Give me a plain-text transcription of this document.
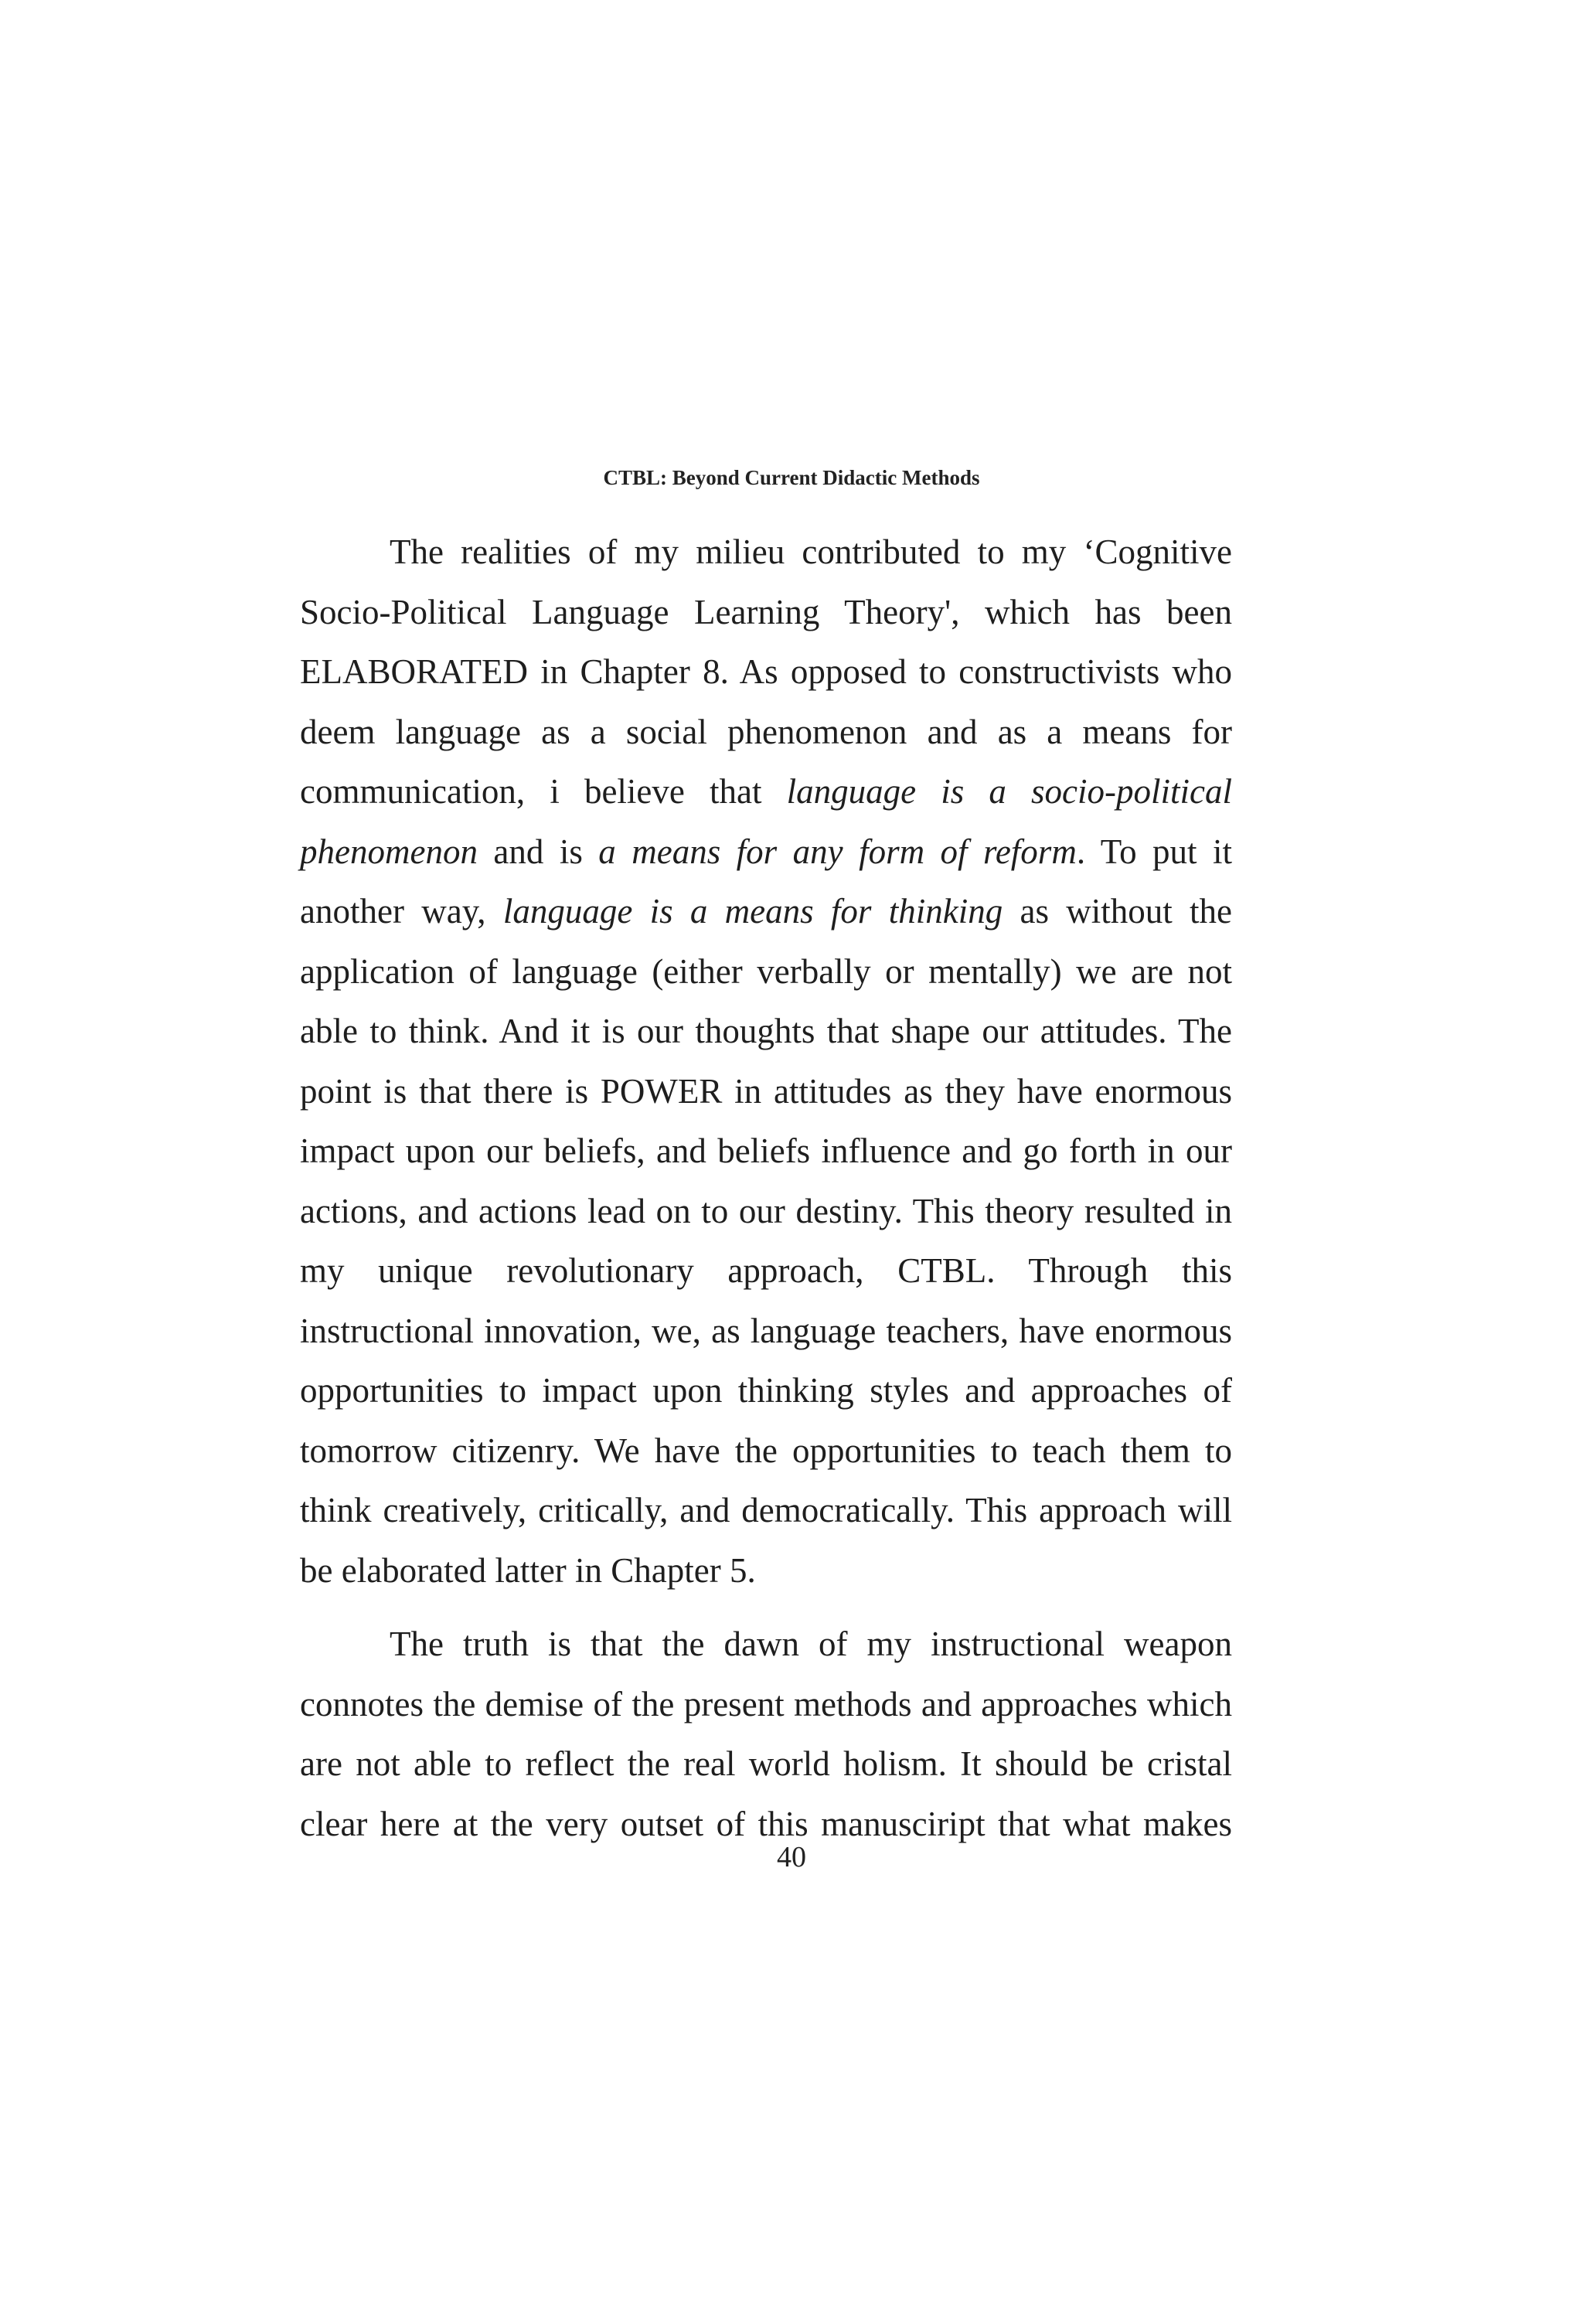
CTBL: Beyond Current Didactic Methods

The realities of my milieu contributed to my ‘Cognitive Socio-Political Language Learning Theory', which has been ELABORATED in Chapter 8. As opposed to constructivists who deem language as a social phenomenon and as a means for communication, i believe that language is a socio-political phenomenon and is a means for any form of reform. To put it another way, language is a means for thinking as without the application of language (either verbally or mentally) we are not able to think. And it is our thoughts that shape our attitudes. The point is that there is POWER in attitudes as they have enormous impact upon our beliefs, and beliefs influence and go forth in our actions, and actions lead on to our destiny. This theory resulted in my unique revolutionary approach, CTBL. Through this instructional innovation, we, as language teachers, have enormous opportunities to impact upon thinking styles and approaches of tomorrow citizenry. We have the opportunities to teach them to think creatively, critically, and democratically. This approach will be elaborated latter in Chapter 5.

The truth is that the dawn of my instructional weapon connotes the demise of the present methods and approaches which are not able to reflect the real world holism. It should be cristal clear here at the very outset of this manusciript that what makes

40
